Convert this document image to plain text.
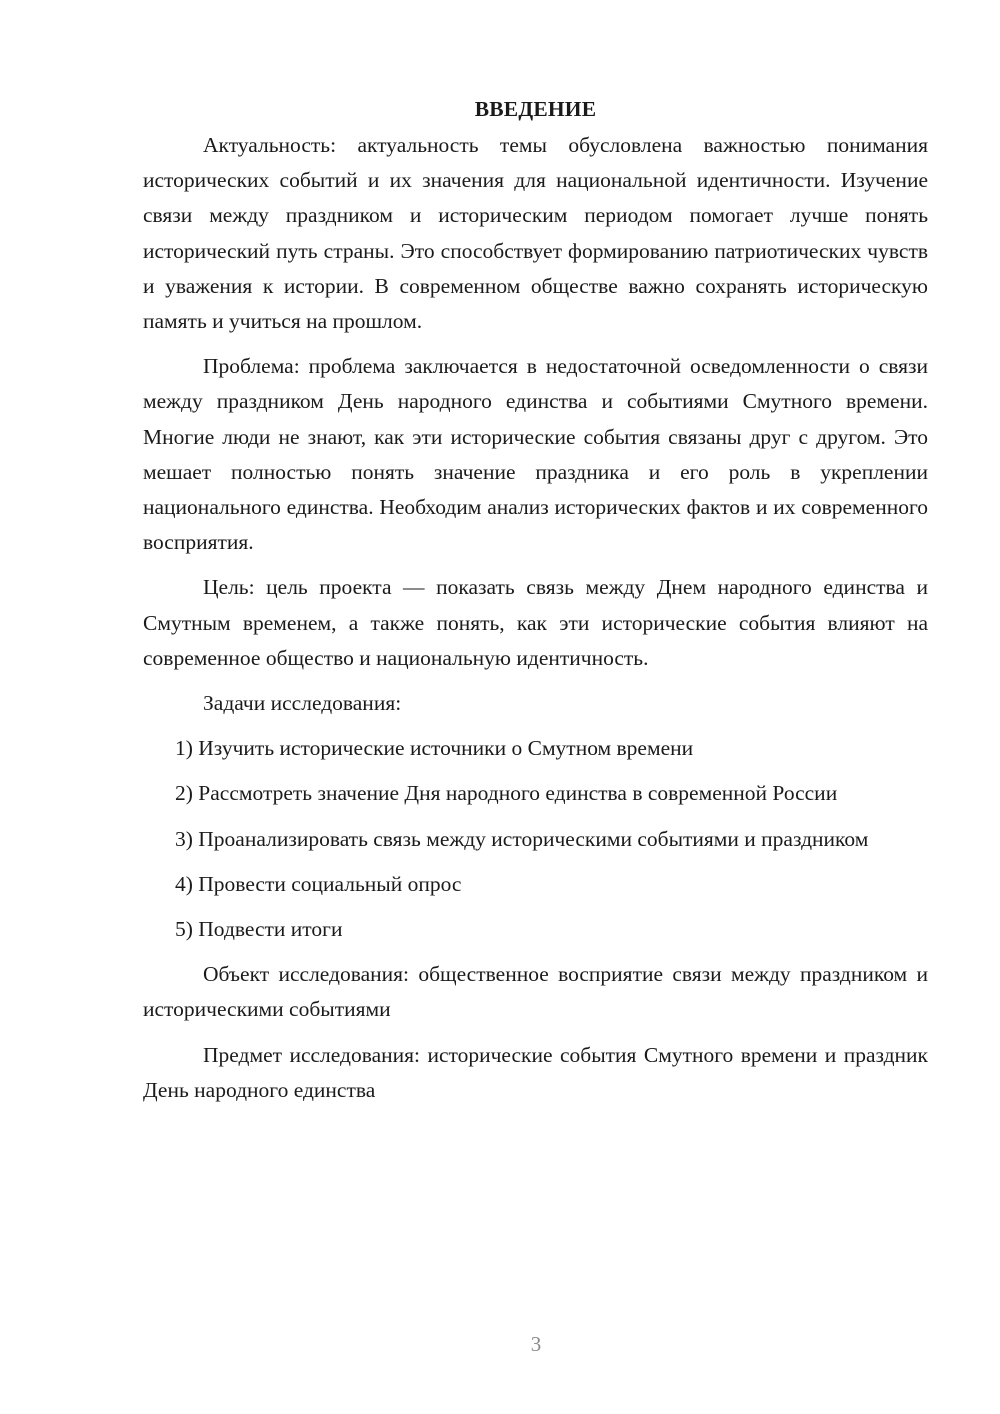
ВВЕДЕНИЕ

Актуальность: актуальность темы обусловлена важностью понимания исторических событий и их значения для национальной идентичности. Изучение связи между праздником и историческим периодом помогает лучше понять исторический путь страны. Это способствует формированию патриотических чувств и уважения к истории. В современном обществе важно сохранять историческую память и учиться на прошлом.

Проблема: проблема заключается в недостаточной осведомленности о связи между праздником День народного единства и событиями Смутного времени. Многие люди не знают, как эти исторические события связаны друг с другом. Это мешает полностью понять значение праздника и его роль в укреплении национального единства. Необходим анализ исторических фактов и их современного восприятия.

Цель: цель проекта — показать связь между Днем народного единства и Смутным временем, а также понять, как эти исторические события влияют на современное общество и национальную идентичность.

Задачи исследования:

1) Изучить исторические источники о Смутном времени

2) Рассмотреть значение Дня народного единства в современной России

3) Проанализировать связь между историческими событиями и праздником

4) Провести социальный опрос

5) Подвести итоги

Объект исследования: общественное восприятие связи между праздником и историческими событиями

Предмет исследования: исторические события Смутного времени и праздник День народного единства

3
